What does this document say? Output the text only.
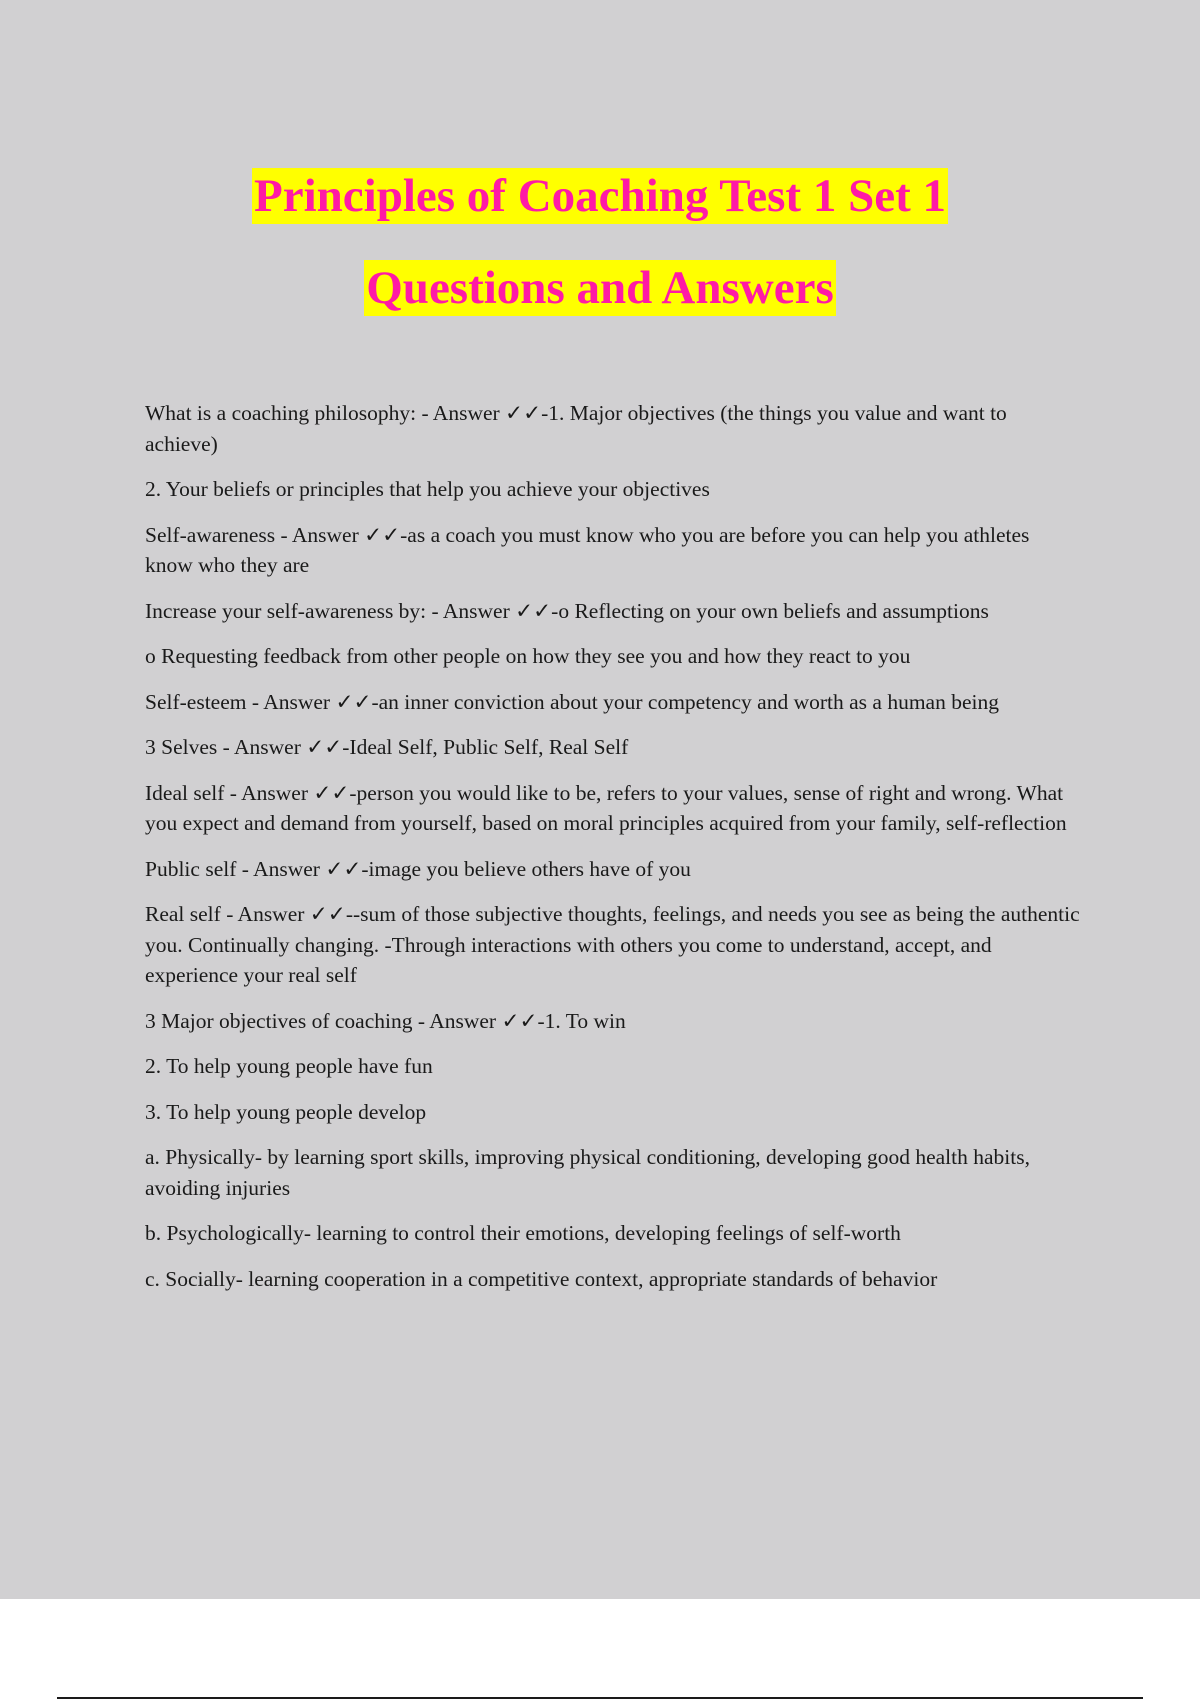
Principles of Coaching Test 1 Set 1
Questions and Answers

What is a coaching philosophy: - Answer ✓✓-1. Major objectives (the things you value and want to achieve)

2. Your beliefs or principles that help you achieve your objectives

Self-awareness - Answer ✓✓-as a coach you must know who you are before you can help you athletes know who they are

Increase your self-awareness by: - Answer ✓✓-o Reflecting on your own beliefs and assumptions

o Requesting feedback from other people on how they see you and how they react to you

Self-esteem - Answer ✓✓-an inner conviction about your competency and worth as a human being

3 Selves - Answer ✓✓-Ideal Self, Public Self, Real Self

Ideal self - Answer ✓✓-person you would like to be, refers to your values, sense of right and wrong. What you expect and demand from yourself, based on moral principles acquired from your family, self-reflection

Public self - Answer ✓✓-image you believe others have of you

Real self - Answer ✓✓--sum of those subjective thoughts, feelings, and needs you see as being the authentic you. Continually changing. -Through interactions with others you come to understand, accept, and experience your real self

3 Major objectives of coaching - Answer ✓✓-1. To win

2. To help young people have fun

3. To help young people develop

a. Physically- by learning sport skills, improving physical conditioning, developing good health habits, avoiding injuries

b. Psychologically- learning to control their emotions, developing feelings of self-worth

c. Socially- learning cooperation in a competitive context, appropriate standards of behavior
